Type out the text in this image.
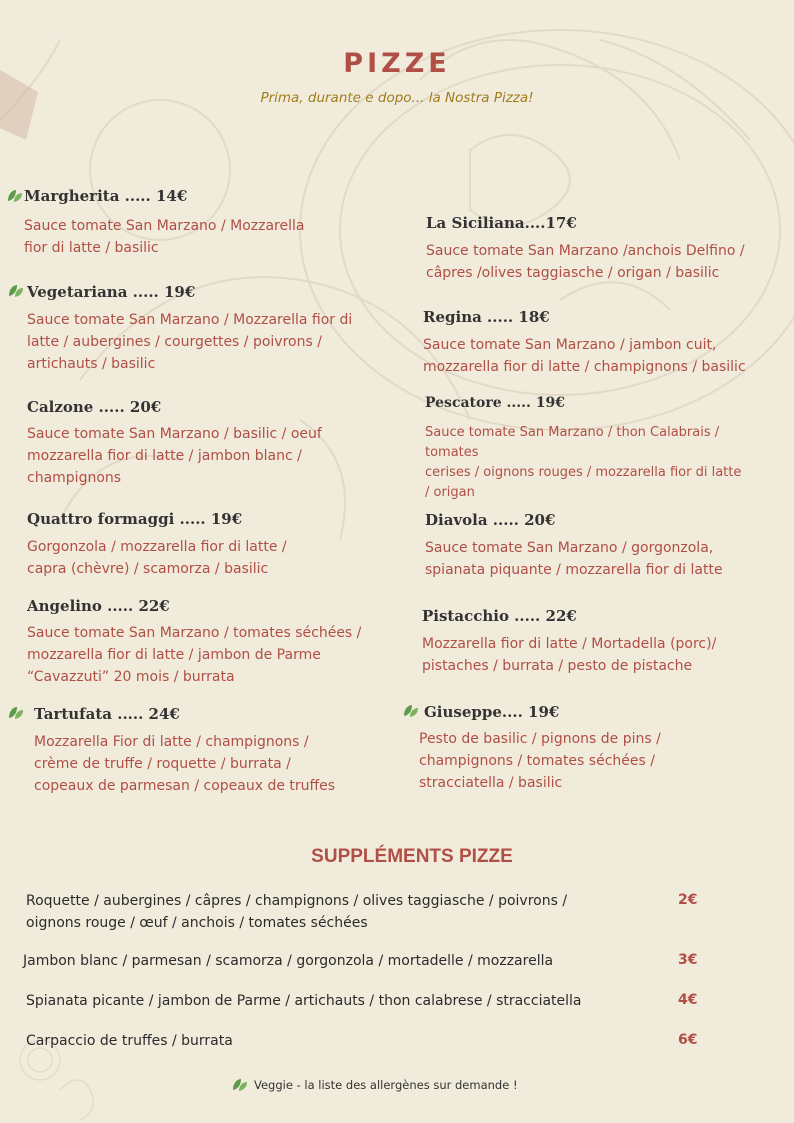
PIZZE
Prima, durante e dopo... la Nostra Pizza!
Margherita ..... 14€
Sauce tomate San Marzano / Mozzarella
fior di latte / basilic
Vegetariana ..... 19€
Sauce tomate San Marzano / Mozzarella fior di
latte / aubergines / courgettes / poivrons /
artichauts / basilic
Calzone ..... 20€
Sauce tomate San Marzano / basilic / oeuf
mozzarella fior di latte / jambon blanc /
champignons
Quattro formaggi ..... 19€
Gorgonzola / mozzarella fior di latte /
capra (chèvre) / scamorza / basilic
Angelino ..... 22€
Sauce tomate San Marzano / tomates séchées /
mozzarella fior di latte / jambon de Parme
“Cavazzuti” 20 mois / burrata
Tartufata ..... 24€
Mozzarella Fior di latte / champignons /
crème de truffe / roquette / burrata /
copeaux de parmesan / copeaux de truffes
La Siciliana....17€
Sauce tomate San Marzano /anchois Delfino /
câpres /olives taggiasche / origan / basilic
Regina ..... 18€
Sauce tomate San Marzano / jambon cuit,
mozzarella fior di latte / champignons / basilic
Pescatore ..... 19€
Sauce tomate San Marzano / thon Calabrais /
tomates
cerises / oignons rouges / mozzarella fior di latte
/ origan
Diavola ..... 20€
Sauce tomate San Marzano / gorgonzola,
spianata piquante / mozzarella fior di latte
Pistacchio ..... 22€
Mozzarella fior di latte / Mortadella (porc)/
pistaches / burrata / pesto de pistache
Giuseppe.... 19€
Pesto de basilic / pignons de pins /
champignons / tomates séchées /
stracciatella / basilic
SUPPLÉMENTS PIZZE
Roquette / aubergines / câpres / champignons / olives taggiasche / poivrons /
oignons rouge / œuf / anchois / tomates séchées
2€
Jambon blanc / parmesan / scamorza / gorgonzola / mortadelle / mozzarella	3€
Spianata picante / jambon de Parme / artichauts / thon calabrese / stracciatella	4€
Carpaccio de truffes / burrata	6€
Veggie - la liste des allergènes sur demande !
